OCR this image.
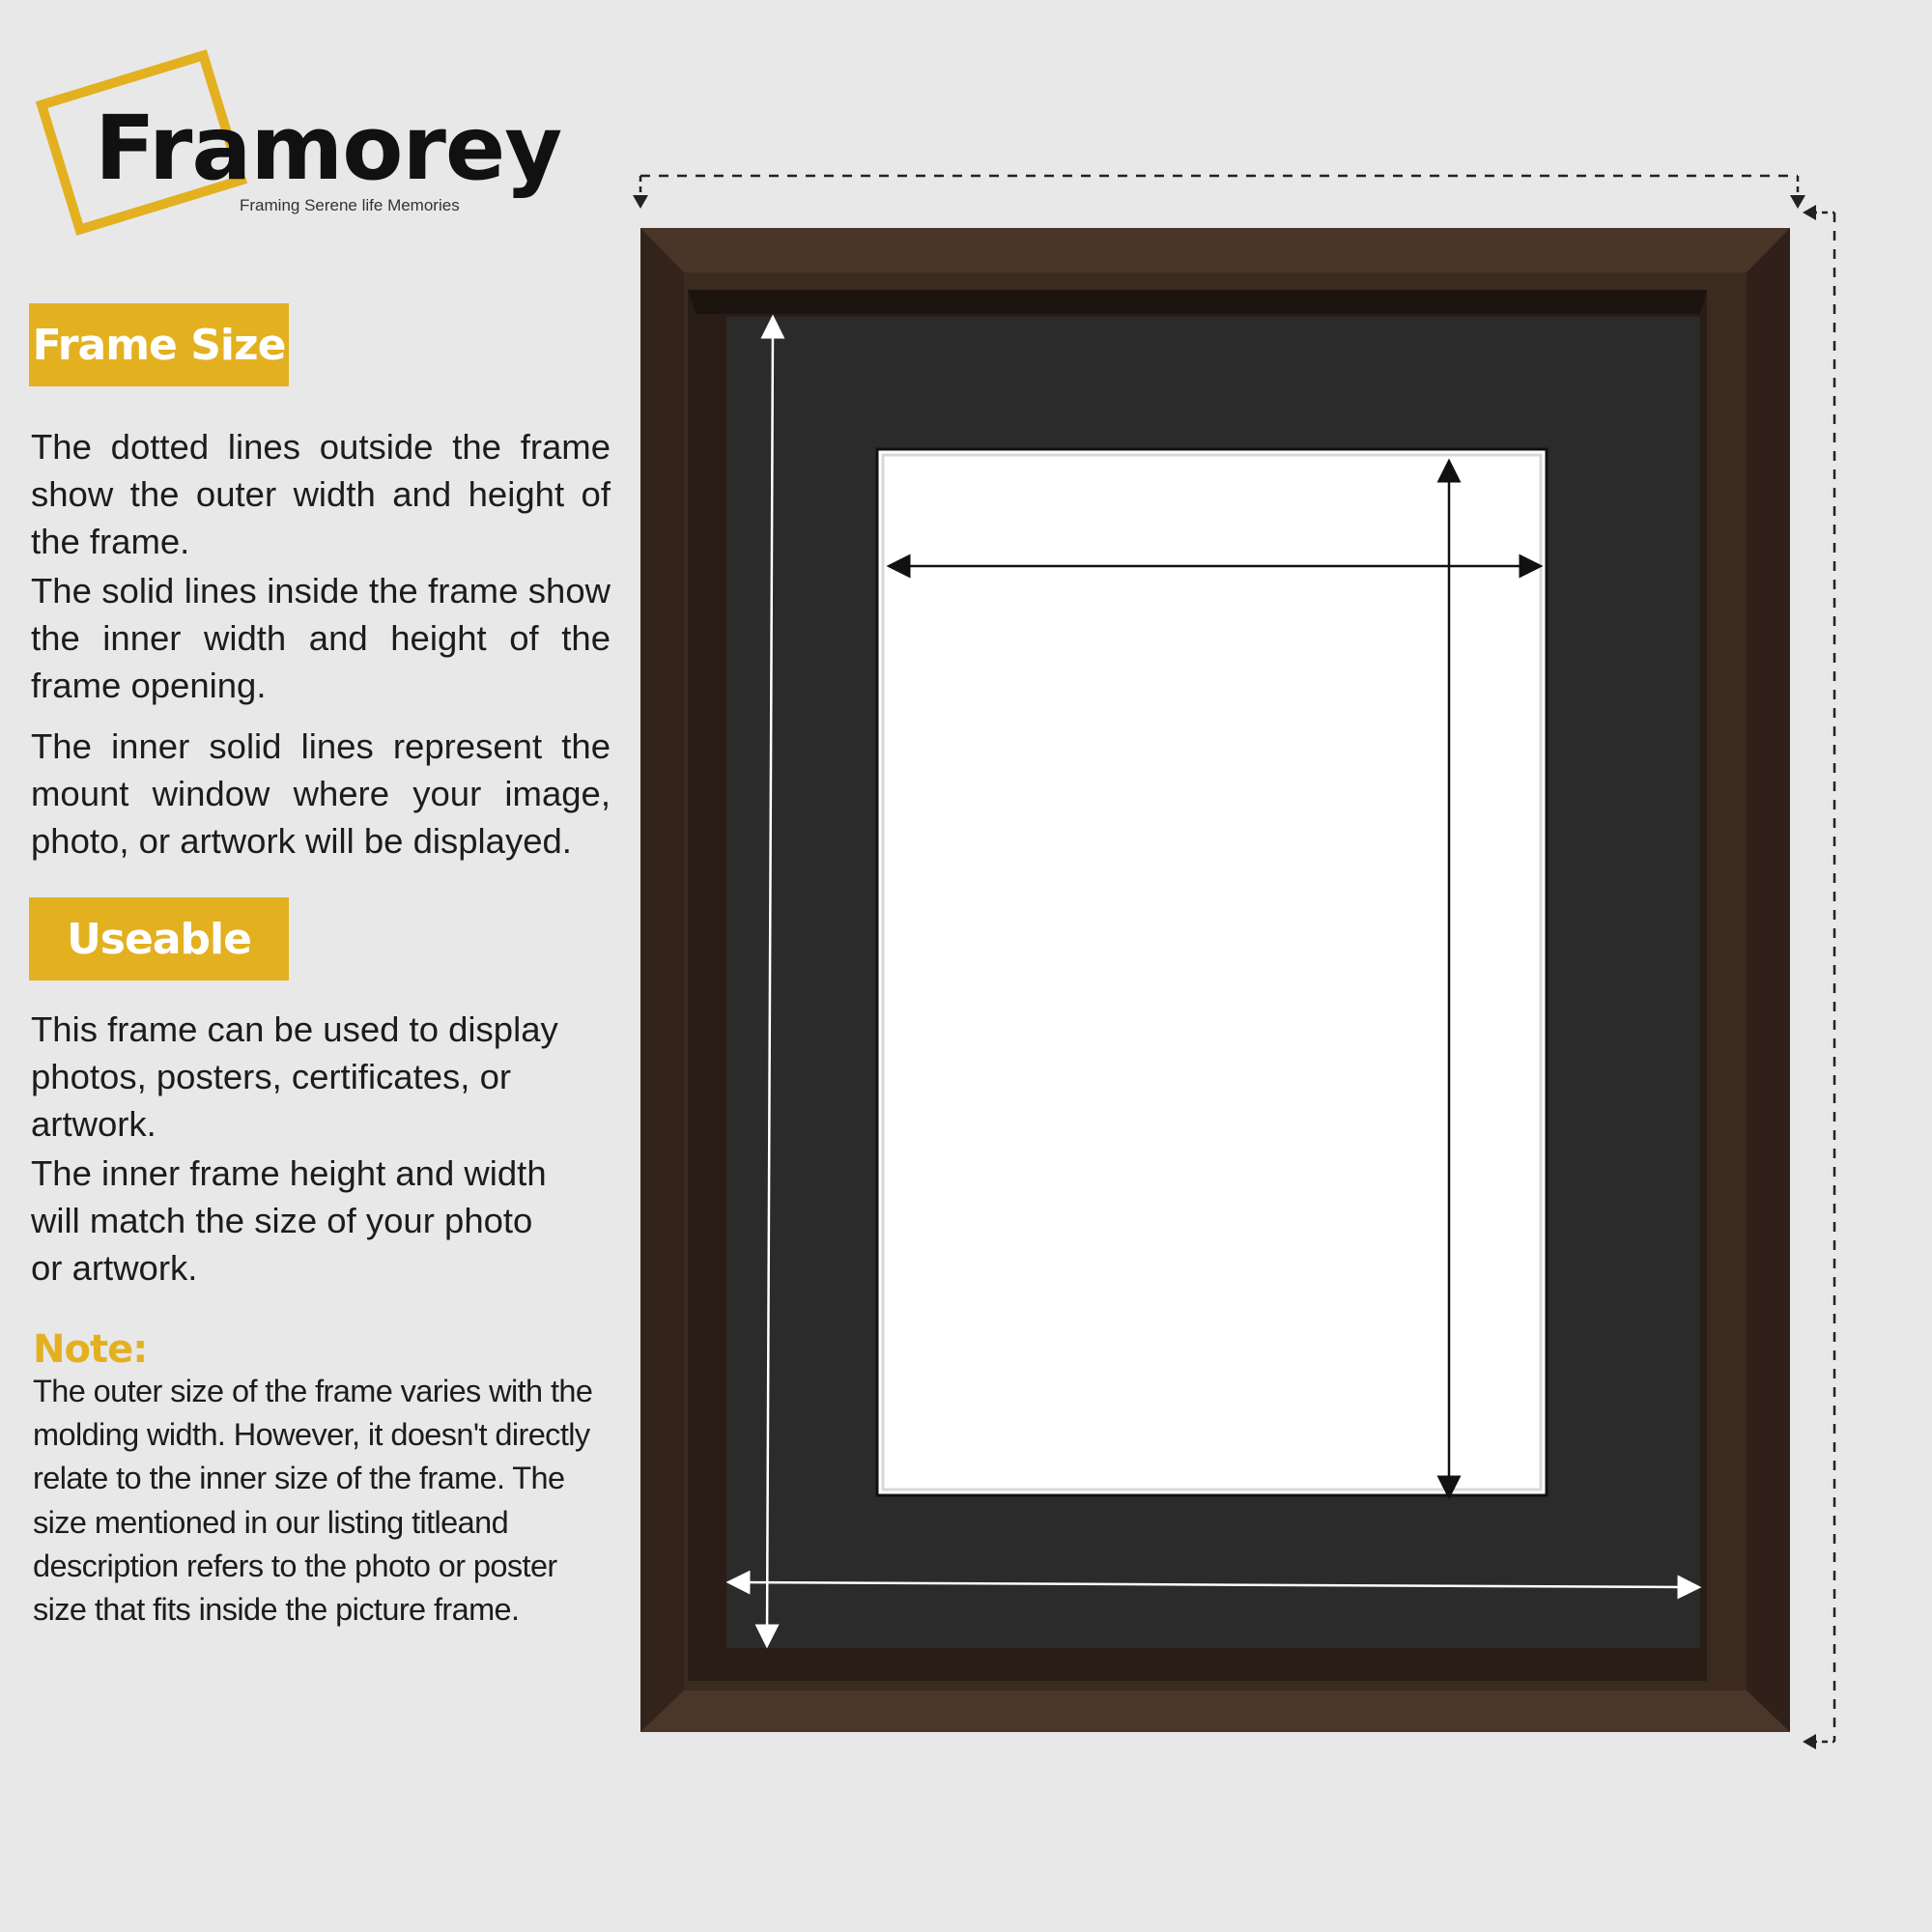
Framorey
Framing Serene life Memories
Frame Size
The dotted lines outside the frame show the outer width and height of the frame.
The solid lines inside the frame show the inner width and height of the frame opening.
The inner solid lines represent the mount window where your image, photo, or artwork will be displayed.
Useable
This frame can be used to display photos, posters, certificates, or artwork.
The inner frame height and width will match the size of your photo or artwork.
Note:
The outer size of the frame varies with the molding width. However, it doesn't directly relate to the inner size of the frame. The size mentioned in our listing titleand description refers to the photo or poster size that fits inside the picture frame.
